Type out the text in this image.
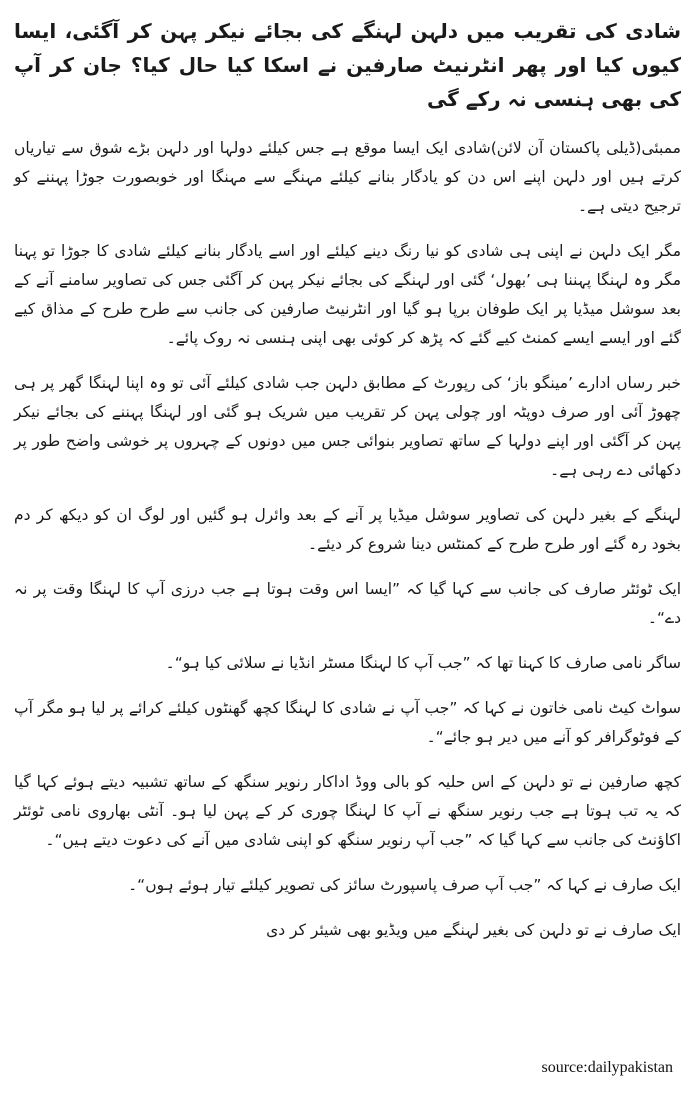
شادی کی تقریب میں دلہن لہنگے کی بجائے نیکر پہن کر آگئی، ایسا کیوں کیا اور پھر انٹرنیٹ صارفین نے اسکا کیا حال کیا؟ جان کر آپ کی بھی ہنسی نہ رکے گی

ممبئی(ڈیلی پاکستان آن لائن)شادی ایک ایسا موقع ہے جس کیلئے دولہا اور دلہن بڑے شوق سے تیاریاں کرتے ہیں اور دلہن اپنے اس دن کو یادگار بنانے کیلئے مہنگے سے مہنگا اور خوبصورت جوڑا پہننے کو ترجیح دیتی ہے۔

مگر ایک دلہن نے اپنی ہی شادی کو نیا رنگ دینے کیلئے اور اسے یادگار بنانے کیلئے شادی کا جوڑا تو پہنا مگر وہ لہنگا پہننا ہی ’بھول‘ گئی اور لہنگے کی بجائے نیکر پہن کر آگئی جس کی تصاویر سامنے آنے کے بعد سوشل میڈیا پر ایک طوفان برپا ہو گیا اور انٹرنیٹ صارفین کی جانب سے طرح طرح کے مذاق کیے گئے اور ایسے ایسے کمنٹ کیے گئے کہ پڑھ کر کوئی بھی اپنی ہنسی نہ روک پائے۔

خبر رساں ادارے ’مینگو باز‘ کی رپورٹ کے مطابق دلہن جب شادی کیلئے آئی تو وہ اپنا لہنگا گھر پر ہی چھوڑ آئی اور صرف دوپٹہ اور چولی پہن کر تقریب میں شریک ہو گئی اور لہنگا پہننے کی بجائے نیکر پہن کر آگئی اور اپنے دولہا کے ساتھ تصاویر بنوائی جس میں دونوں کے چہروں پر خوشی واضح طور پر دکھائی دے رہی ہے۔

لہنگے کے بغیر دلہن کی تصاویر سوشل میڈیا پر آنے کے بعد وائرل ہو گئیں اور لوگ ان کو دیکھ کر دم بخود رہ گئے اور طرح طرح کے کمنٹس دینا شروع کر دیئے۔

ایک ٹوئٹر صارف کی جانب سے کہا گیا کہ ”ایسا اس وقت ہوتا ہے جب درزی آپ کا لہنگا وقت پر نہ دے“۔

ساگر نامی صارف کا کہنا تھا کہ ”جب آپ کا لہنگا مسٹر انڈیا نے سلائی کیا ہو“۔

سواٹ کیٹ نامی خاتون نے کہا کہ ”جب آپ نے شادی کا لہنگا کچھ گھنٹوں کیلئے کرائے پر لیا ہو مگر آپ کے فوٹوگرافر کو آنے میں دیر ہو جائے“۔

کچھ صارفین نے تو دلہن کے اس حلیہ کو بالی ووڈ اداکار رنویر سنگھ کے ساتھ تشبیہ دیتے ہوئے کہا گیا کہ یہ تب ہوتا ہے جب رنویر سنگھ نے آپ کا لہنگا چوری کر کے پہن لیا ہو۔ آنٹی بھاروی نامی ٹوئٹر اکاؤنٹ کی جانب سے کہا گیا کہ ”جب آپ رنویر سنگھ کو اپنی شادی میں آنے کی دعوت دیتے ہیں“۔

ایک صارف نے کہا کہ ”جب آپ صرف پاسپورٹ سائز کی تصویر کیلئے تیار ہوئے ہوں“۔

ایک صارف نے تو دلہن کی بغیر لہنگے میں ویڈیو بھی شیئر کر دی

source:dailypakistan
